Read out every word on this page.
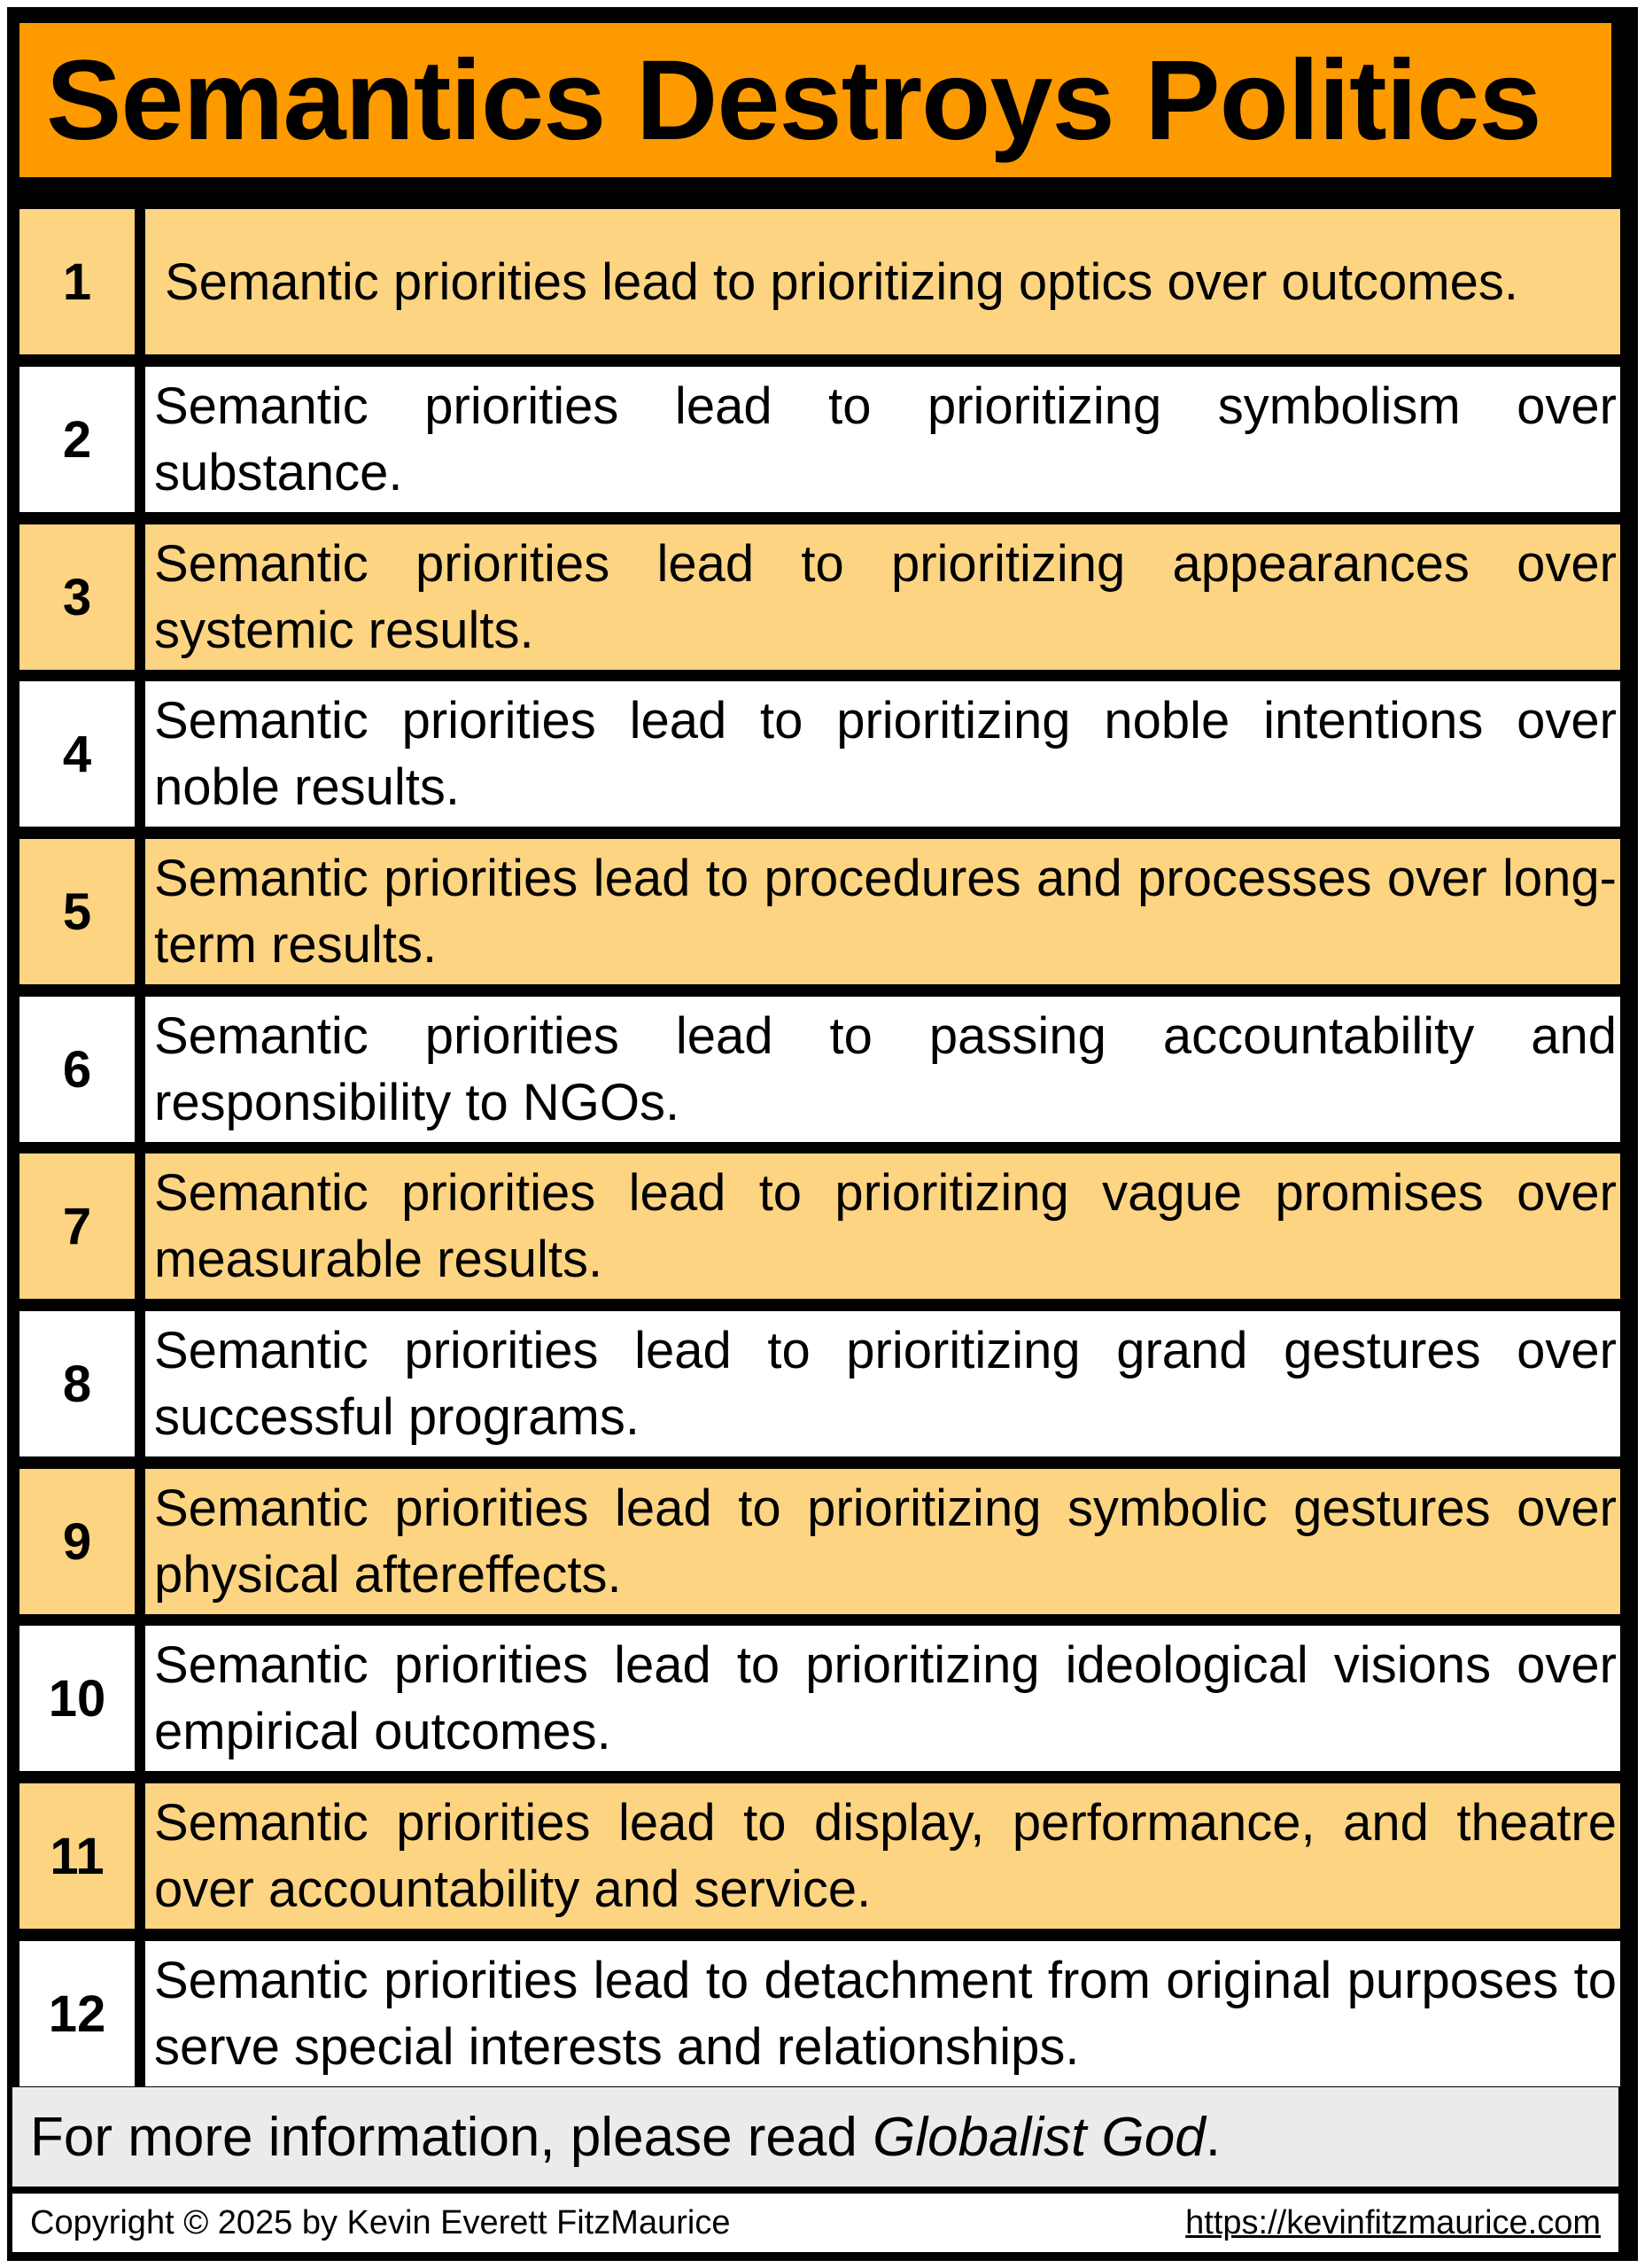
Semantics Destroys Politics
1	Semantic priorities lead to prioritizing optics over outcomes.
2
Semantic priorities lead to prioritizing symbolism over substance.
3
Semantic priorities lead to prioritizing appearances over systemic results.
4
Semantic priorities lead to prioritizing noble intentions over noble results.
5
Semantic priorities lead to procedures and processes over long-term results.
6
Semantic priorities lead to passing accountability and responsibility to NGOs.
7
Semantic priorities lead to prioritizing vague promises over measurable results.
8
Semantic priorities lead to prioritizing grand gestures over successful programs.
9
Semantic priorities lead to prioritizing symbolic gestures over physical aftereffects.
10
Semantic priorities lead to prioritizing ideological visions over empirical outcomes.
11
Semantic priorities lead to display, performance, and theatre over accountability and service.
12
Semantic priorities lead to detachment from original purposes to serve special interests and relationships.
For more information, please read Globalist God .
Copyright © 2025 by Kevin Everett FitzMaurice	https://kevinfitzmaurice.com
